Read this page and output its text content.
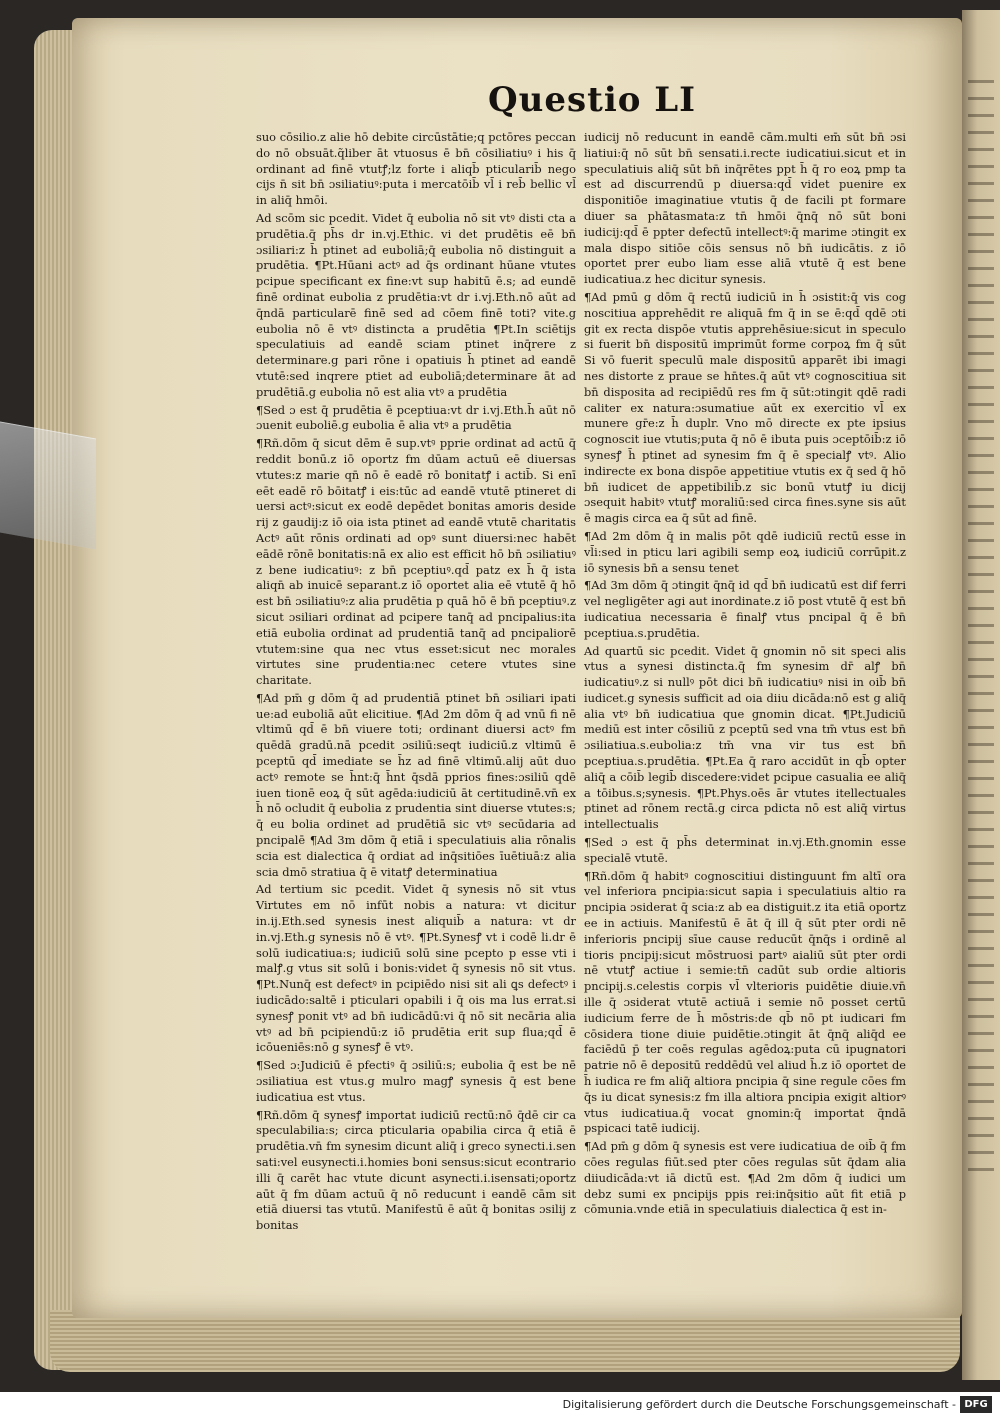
Questio LI

suo cōsilio.z alie hō debite circūstātie;q pctōres peccan do nō obsuāt.q̃liber āt vtuosus ē bn̄ cōsiliatiuꝰ i his q̄ ordinant ad finē vtutꝭ;lz forte i aliqb̄ pticularib̄ nego cijs n̄ sit bn̄ ɔsiliatiuꝰ:puta i mercatōib̄ vl̄ i reb̄ bellic vl̄ in aliq̄ hmōi.

Ad scōm sic pcedit. Videt q̄ eubolia nō sit vtꝰ disti cta a prudētia.q̄ ph̄s dr in.vj.Ethic. vi det prudētis eē bn̄ ɔsiliari:z h̄ ptinet ad euboliā;q̄ eubolia nō distinguit a prudētia. ¶Pt.Hūani actꝰ ad q̄s ordinant hūane vtutes pcipue specificant ex fine:vt sup habitū ē.s; ad eundē finē ordinat eubolia z prudētia:vt dr i.vj.Eth.nō aūt ad q̄ndā particularē finē sed ad cōem finē toti? vite.g eubolia nō ē vtꝰ distincta a prudētia ¶Pt.In sciētijs speculatiuis ad eandē sciam ptinet inq̄rere z determinare.g pari rōne i opatiuis h̄ ptinet ad eandē vtutē:sed inqrere ptiet ad euboliā;determinare āt ad prudētiā.g eubolia nō est alia vtꝰ a prudētia

¶Sed ɔ est q̄ prudētia ē pceptiua:vt dr i.vj.Eth.h̄ aūt nō ɔuenit euboliē.g eubolia ē alia vtꝰ a prudētia

¶Rñ.dōm q̄ sicut dēm ē sup.vtꝰ pprie ordinat ad actū q̄ reddit bonū.z iō oportz fm dūam actuū eē diuersas vtutes:z marie qn̄ nō ē eadē rō bonitatꝭ i actib̄. Si enī eēt eadē rō bōitatꝭ i eis:tūc ad eandē vtutē ptineret di uersi actꝰ:sicut ex eodē depēdet bonitas amoris deside rij z gaudij:z iō oia ista ptinet ad eandē vtutē charitatis Actꝰ aūt rōnis ordinati ad opꝰ sunt diuersi:nec habēt eādē rōnē bonitatis:nā ex alio est efficit hō bn̄ ɔsiliatiuꝰ z bene iudicatiuꝰ: z bn̄ pceptiuꝰ.qd̄ patz ex h̄ q̄ ista aliqn̄ ab inuicē separant.z iō oportet alia eē vtutē q̄ hō est bn̄ ɔsiliatiuꝰ:z alia prudētia p quā hō ē bn̄ pceptiuꝰ.z sicut ɔsiliari ordinat ad pcipere tanq̄ ad pncipalius:ita etiā eubolia ordinat ad prudentiā tanq̄ ad pncipaliorē vtutem:sine qua nec vtus esset:sicut nec morales virtutes sine prudentia:nec cetere vtutes sine charitate.

¶Ad pm̄ g dōm q̄ ad prudentiā ptinet bn̄ ɔsiliari ipati ue:ad euboliā aūt elicitiue. ¶Ad 2m dōm q̄ ad vnū fi nē vltimū qd̄ ē bn̄ viuere toti; ordinant diuersi actꝰ fm quēdā gradū.nā pcedit ɔsiliū:seqt iudiciū.z vltimū ē pceptū qd̄ imediate se h̄z ad finē vltimū.alij aūt duo actꝰ remote se h̄nt:q̄ h̄nt q̄sdā pprios fines:ɔsiliū qdē iuen tionē eoꝝ q̄ sūt agēda:iudiciū āt certitudinē.vn̄ ex h̄ nō ocludit q̄ eubolia z prudentia sint diuerse vtutes:s; q̄ eu bolia ordinet ad prudētiā sic vtꝰ secūdaria ad pncipalē ¶Ad 3m dōm q̄ etiā i speculatiuis alia rōnalis scia est dialectica q̄ ordiat ad inq̄sitiōes īuētiuā:z alia scia dmō stratiua q̄ ē vitatꝭ determinatiua

Ad tertium sic pcedit. Videt q̄ synesis nō sit vtus Virtutes em nō infūt nobis a natura: vt dicitur in.ij.Eth.sed synesis inest aliquib̄ a natura: vt dr in.vj.Eth.g synesis nō ē vtꝰ. ¶Pt.Synesꝭ vt i codē li.dr ē solū iudicatiua:s; iudiciū solū sine pcepto p esse vti i malꝭ.g vtus sit solū i bonis:videt q̄ synesis nō sit vtus. ¶Pt.Nunq̄ est defectꝰ in pcipiēdo nisi sit ali ꝗs defectꝰ i iudicādo:saltē i pticulari opabili i q̄ ois ma lus errat.si synesꝭ ponit vtꝰ ad bn̄ iudicādū:vi q̄ nō sit necāria alia vtꝰ ad bn̄ pcipiendū:z iō prudētia erit sup flua;qd̄ ē icōueniēs:nō g synesꝭ ē vtꝰ.

¶Sed ɔ:Judiciū ē pfectiꝰ q̄ ɔsiliū:s; eubolia q̄ est be nē ɔsiliatiua est vtus.g mulro magꝭ synesis q̄ est bene iudicatiua est vtus.

¶Rñ.dōm q̄ synesꝭ importat iudiciū rectū:nō q̄dē cir ca speculabilia:s; circa pticularia opabilia circa q̄ etiā ē prudētia.vn̄ fm synesim dicunt aliq̄ i greco synecti.i.sen sati:vel eusynecti.i.homies boni sensus:sicut econtrario illi q̄ carēt hac vtute dicunt asynecti.i.isensati;oportz aūt q̄ fm dūam actuū q̄ nō reducunt i eandē cām sit etiā diuersi tas vtutū. Manifestū ē aūt q̄ bonitas ɔsilij z bonitas

iudicij nō reducunt in eandē cām.multi em̄ sūt bn̄ ɔsi liatiui:q̄ nō sūt bn̄ sensati.i.recte iudicatiui.sicut et in speculatiuis aliq̄ sūt bn̄ inq̄rētes ppt h̄ q̄ ro eoꝝ pmp ta est ad discurrendū p diuersa:qd̄ videt puenire ex disponitiōe imaginatiue vtutis q̄ de facili pt formare diuer sa phātasmata:z tn̄ hmōi q̄nq̄ nō sūt boni iudicij:qd̄ ē ppter defectū intellectꝰ:q̄ marime ɔtingit ex mala dispo sitiōe cōis sensus nō bn̄ iudicātis. z iō oportet prer eubo liam esse aliā vtutē q̄ est bene iudicatiua.z hec dicitur synesis.

¶Ad pmū g dōm q̄ rectū iudiciū in h̄ ɔsistit:q̄ vis cog noscitiua apprehēdit re aliquā fm q̄ in se ē:qd̄ qdē ɔti git ex recta dispōe vtutis apprehēsiue:sicut in speculo si fuerit bn̄ dispositū imprimūt forme corpoꝝ fm q̄ sūt Si vō fuerit speculū male dispositū apparēt ibi imagi nes distorte z praue se hn̄tes.q̄ aūt vtꝰ cognoscitiua sit bn̄ disposita ad recipiēdū res fm q̄ sūt:ɔtingit qdē radi caliter ex natura:ɔsumatiue aūt ex exercitio vl̄ ex munere gr̄e:z h̄ duplr. Vno mō directe ex pte ipsius cognoscit iue vtutis;puta q̄ nō ē ibuta puis ɔceptōib̄:z iō synesꝭ h̄ ptinet ad synesim fm q̄ ē specialꝭ vtꝰ. Alio indirecte ex bona dispōe appetitiue vtutis ex q̄ sed q̄ hō bn̄ iudicet de appetibilib̄.z sic bonū vtutꝭ iu dicij ɔsequit habitꝰ vtutꝭ moraliū:sed circa fines.syne sis aūt ē magis circa ea q̄ sūt ad finē.

¶Ad 2m dōm q̄ in malis pōt qdē iudiciū rectū esse in vl̄i:sed in pticu lari agibili semp eoꝝ iudiciū corrūpit.z iō synesis bn̄ a sensu tenet

¶Ad 3m dōm q̄ ɔtingit q̄nq̄ id qd̄ bn̄ iudicatū est dif ferri vel negligēter agi aut inordinate.z iō post vtutē q̄ est bn̄ iudicatiua necessaria ē finalꝭ vtus pncipal q̄ ē bn̄ pceptiua.s.prudētia.

Ad quartū sic pcedit. Videt q̄ gnomin nō sit speci alis vtus a synesi distincta.q̄ fm synesim dr̄ alꝭ bn̄ iudicatiuꝰ.z si nullꝰ pōt dici bn̄ iudicatiuꝰ nisi in oib̄ bn̄ iudicet.g synesis sufficit ad oia diiu dicāda:nō est g aliq̄ alia vtꝰ bn̄ iudicatiua que gnomin dicat. ¶Pt.Judiciū mediū est inter cōsiliū z pceptū sed vna tm̄ vtus est bn̄ ɔsiliatiua.s.eubolia:z tm̄ vna vir tus est bn̄ pceptiua.s.prudētia. ¶Pt.Ea q̄ raro accidūt in qb̄ opter aliq̄ a cōib̄ legib̄ discedere:videt pcipue casualia ee aliq̄ a tōibus.s;synesis. ¶Pt.Phys.oēs ār vtutes itellectuales ptinet ad rōnem rectā.g circa pdicta nō est aliq̄ virtus intellectualis

¶Sed ɔ est q̄ ph̄s determinat in.vj.Eth.gnomin esse specialē vtutē.

¶Rñ.dōm q̄ habitꝰ cognoscitiui distinguunt fm altī ora vel inferiora pncipia:sicut sapia i speculatiuis altio ra pncipia ɔsiderat q̄ scia:z ab ea distiguit.z ita etiā oportz ee in actiuis. Manifestū ē āt q̄ ill q̄ sūt pter ordi nē inferioris pncipij sīue cause reducūt q̄nq̄s i ordinē al tioris pncipij:sicut mōstruosi partꝰ aialiū sūt pter ordi nē vtutꝭ actiue i semie:tn̄ cadūt sub ordie altioris pncipij.s.celestis corpis vl̄ vlterioris puidētie diuie.vn̄ ille q̄ ɔsiderat vtutē actiuā i semie nō posset certū iudicium ferre de h̄ mōstris:de qb̄ nō pt iudicari fm cōsidera tione diuie puidētie.ɔtingit āt q̄nq̄ aliq̄d ee faciēdū p̄ ter coēs regulas agēdoꝝ:puta cū ipugnatori patrie nō ē depositū reddēdū vel aliud h̄.z iō oportet de h̄ iudica re fm aliq̄ altiora pncipia q̄ sine regule cōes fm q̄s iu dicat synesis:z fm illa altiora pncipia exigit altiorꝰ vtus iudicatiua.q̄ vocat gnomin:q̄ importat q̄ndā pspicaci tatē iudicij.

¶Ad pm̄ g dōm q̄ synesis est vere iudicatiua de oib̄ q̄ fm cōes regulas fiūt.sed pter cōes regulas sūt q̄dam alia diiudicāda:vt iā dictū est. ¶Ad 2m dōm q̄ iudici um debz sumi ex pncipijs ppis rei:inq̄sitio aūt fit etiā p cōmunia.vnde etiā in speculatiuis dialectica q̄ est in-

Digitalisierung gefördert durch die Deutsche Forschungsgemeinschaft - DFG
